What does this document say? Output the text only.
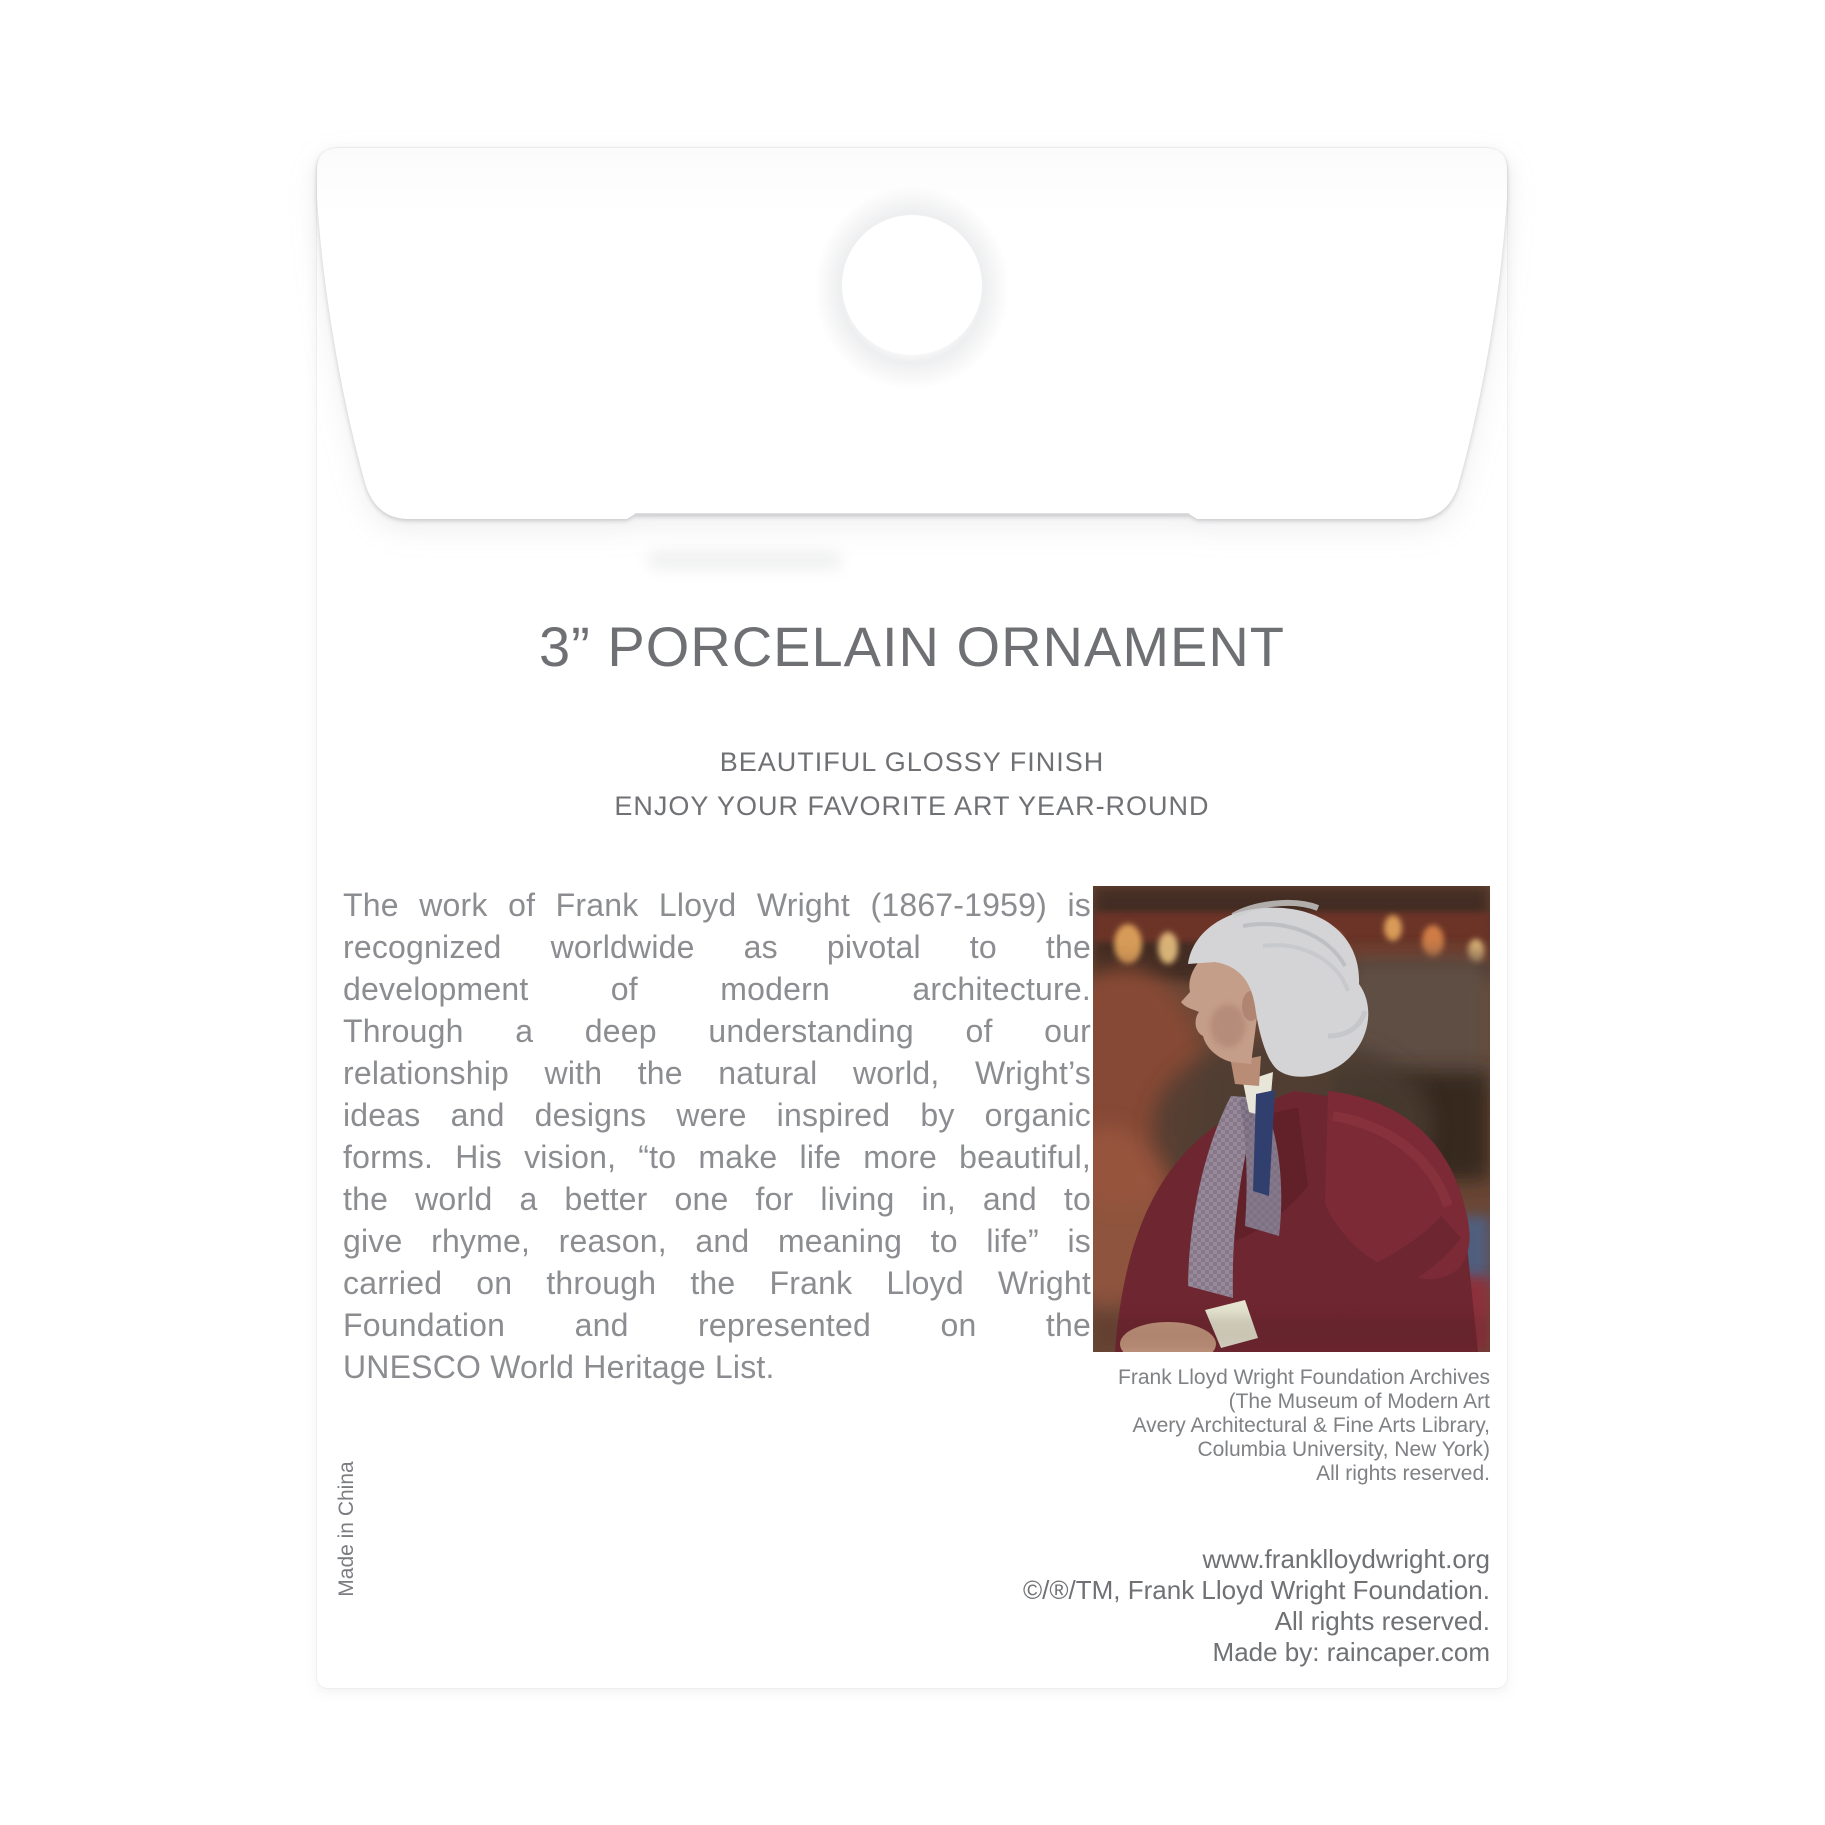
3” PORCELAIN ORNAMENT
BEAUTIFUL GLOSSY FINISH
ENJOY YOUR FAVORITE ART YEAR-ROUND
The work of Frank Lloyd Wright (1867-1959) is
recognized worldwide as pivotal to the
development of modern architecture.
Through a deep understanding of our
relationship with the natural world, Wright’s
ideas and designs were inspired by organic
forms. His vision, “to make life more beautiful,
the world a better one for living in, and to
give rhyme, reason, and meaning to life” is
carried on through the Frank Lloyd Wright
Foundation and represented on the
UNESCO World Heritage List.	Frank Lloyd Wright Foundation Archives
(The Museum of Modern Art
Avery Architectural & Fine Arts Library,
Columbia University, New York)
All rights reserved.
www.franklloydwright.org
©/®/TM, Frank Lloyd Wright Foundation.
All rights reserved.
Made by: raincaper.com
Made in China
